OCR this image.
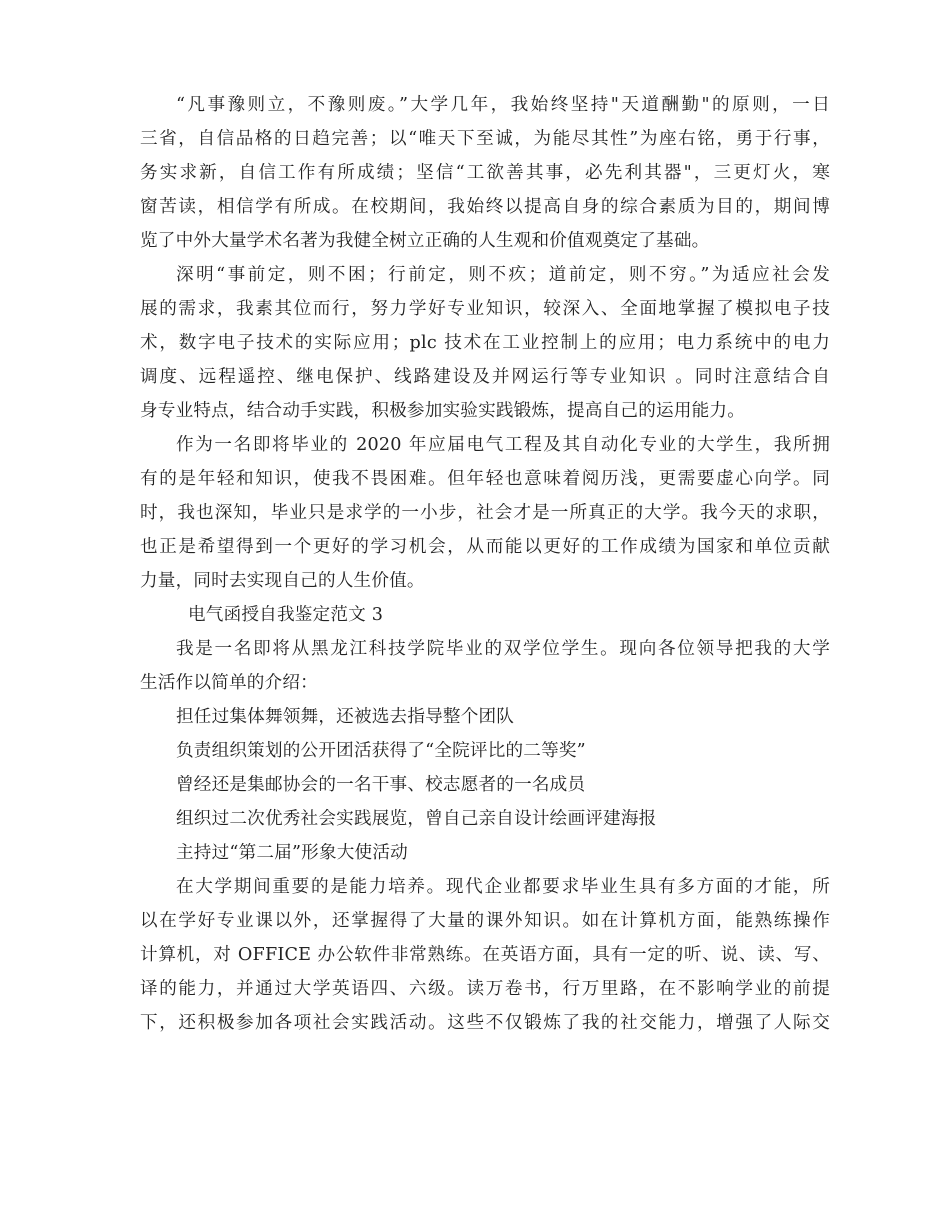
“凡事豫则立，不豫则废。”大学几年，我始终坚持"天道酬勤"的原则，一日
三省，自信品格的日趋完善；以“唯天下至诚，为能尽其性”为座右铭，勇于行事，
务实求新，自信工作有所成绩；坚信“工欲善其事，必先利其器"，三更灯火，寒
窗苦读，相信学有所成。在校期间，我始终以提高自身的综合素质为目的，期间博
览了中外大量学术名著为我健全树立正确的人生观和价值观奠定了基础。
深明“事前定，则不困；行前定，则不疚；道前定，则不穷。”为适应社会发
展的需求，我素其位而行，努力学好专业知识，较深入、全面地掌握了模拟电子技
术，数字电子技术的实际应用；plc 技术在工业控制上的应用；电力系统中的电力
调度、远程遥控、继电保护、线路建设及并网运行等专业知识 。同时注意结合自
身专业特点，结合动手实践，积极参加实验实践锻炼，提高自己的运用能力。
作为一名即将毕业的 2020 年应届电气工程及其自动化专业的大学生，我所拥
有的是年轻和知识，使我不畏困难。但年轻也意味着阅历浅，更需要虚心向学。同
时，我也深知，毕业只是求学的一小步，社会才是一所真正的大学。我今天的求职，
也正是希望得到一个更好的学习机会，从而能以更好的工作成绩为国家和单位贡献
力量，同时去实现自己的人生价值。
电气函授自我鉴定范文 3
我是一名即将从黑龙江科技学院毕业的双学位学生。现向各位领导把我的大学
生活作以简单的介绍：
担任过集体舞领舞，还被选去指导整个团队
负责组织策划的公开团活获得了“全院评比的二等奖”
曾经还是集邮协会的一名干事、校志愿者的一名成员
组织过二次优秀社会实践展览，曾自己亲自设计绘画评建海报
主持过“第二届”形象大使活动
在大学期间重要的是能力培养。现代企业都要求毕业生具有多方面的才能，所
以在学好专业课以外，还掌握得了大量的课外知识。如在计算机方面，能熟练操作
计算机，对 OFFICE 办公软件非常熟练。在英语方面，具有一定的听、说、读、写、
译的能力，并通过大学英语四、六级。读万卷书，行万里路，在不影响学业的前提
下，还积极参加各项社会实践活动。这些不仅锻炼了我的社交能力，增强了人际交
